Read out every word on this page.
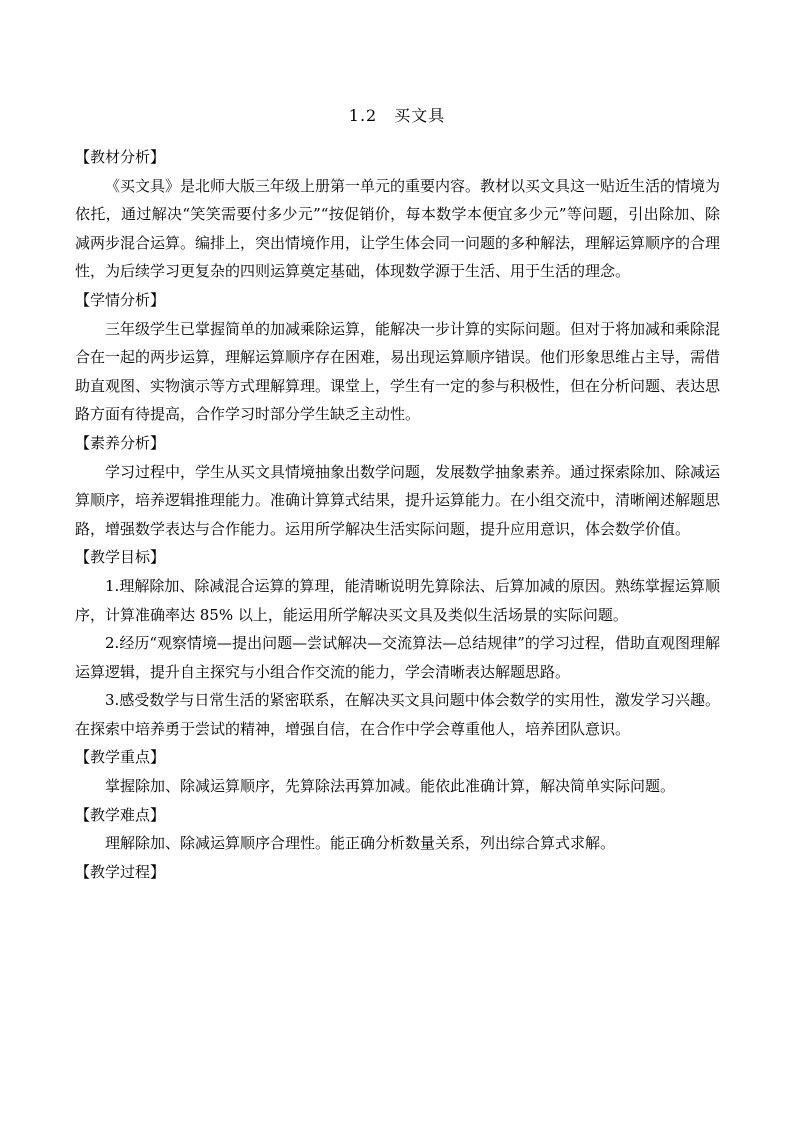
1.2　买文具

【教材分析】

《买文具》是北师大版三年级上册第一单元的重要内容。教材以买文具这一贴近生活的情境为依托，通过解决“笑笑需要付多少元”“按促销价，每本数学本便宜多少元”等问题，引出除加、除减两步混合运算。编排上，突出情境作用，让学生体会同一问题的多种解法，理解运算顺序的合理性，为后续学习更复杂的四则运算奠定基础，体现数学源于生活、用于生活的理念。

【学情分析】

三年级学生已掌握简单的加减乘除运算，能解决一步计算的实际问题。但对于将加减和乘除混合在一起的两步运算，理解运算顺序存在困难，易出现运算顺序错误。他们形象思维占主导，需借助直观图、实物演示等方式理解算理。课堂上，学生有一定的参与积极性，但在分析问题、表达思路方面有待提高，合作学习时部分学生缺乏主动性。

【素养分析】

学习过程中，学生从买文具情境抽象出数学问题，发展数学抽象素养。通过探索除加、除减运算顺序，培养逻辑推理能力。准确计算算式结果，提升运算能力。在小组交流中，清晰阐述解题思路，增强数学表达与合作能力。运用所学解决生活实际问题，提升应用意识，体会数学价值。

【教学目标】

1.理解除加、除减混合运算的算理，能清晰说明先算除法、后算加减的原因。熟练掌握运算顺序，计算准确率达 85% 以上，能运用所学解决买文具及类似生活场景的实际问题。

2.经历“观察情境—提出问题—尝试解决—交流算法—总结规律”的学习过程，借助直观图理解运算逻辑，提升自主探究与小组合作交流的能力，学会清晰表达解题思路。

3.感受数学与日常生活的紧密联系，在解决买文具问题中体会数学的实用性，激发学习兴趣。在探索中培养勇于尝试的精神，增强自信，在合作中学会尊重他人，培养团队意识。

【教学重点】

掌握除加、除减运算顺序，先算除法再算加减。能依此准确计算，解决简单实际问题。

【教学难点】

理解除加、除减运算顺序合理性。能正确分析数量关系，列出综合算式求解。

【教学过程】
